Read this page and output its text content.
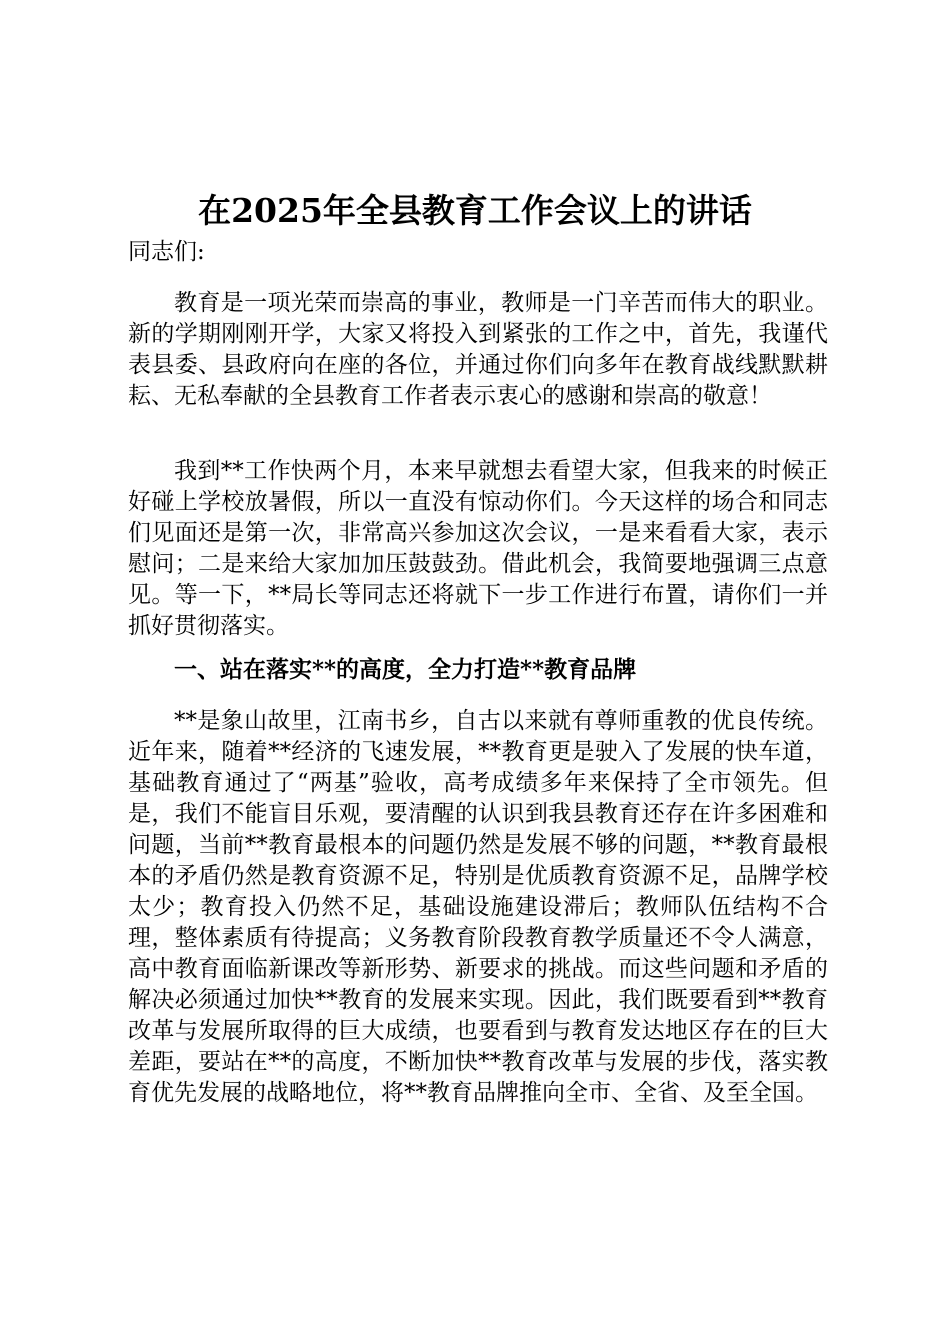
在2025年全县教育工作会议上的讲话
同志们:

教育是一项光荣而崇高的事业，教师是一门辛苦而伟大的职业。新的学期刚刚开学，大家又将投入到紧张的工作之中，首先，我谨代表县委、县政府向在座的各位，并通过你们向多年在教育战线默默耕耘、无私奉献的全县教育工作者表示衷心的感谢和崇高的敬意！

我到**工作快两个月，本来早就想去看望大家，但我来的时候正好碰上学校放暑假，所以一直没有惊动你们。今天这样的场合和同志们见面还是第一次，非常高兴参加这次会议，一是来看看大家，表示慰问；二是来给大家加加压鼓鼓劲。借此机会，我简要地强调三点意见。等一下，**局长等同志还将就下一步工作进行布置，请你们一并抓好贯彻落实。

一、站在落实**的高度，全力打造**教育品牌

**是象山故里，江南书乡，自古以来就有尊师重教的优良传统。近年来，随着**经济的飞速发展，**教育更是驶入了发展的快车道，基础教育通过了“两基”验收，高考成绩多年来保持了全市领先。但是，我们不能盲目乐观，要清醒的认识到我县教育还存在许多困难和问题，当前**教育最根本的问题仍然是发展不够的问题，**教育最根本的矛盾仍然是教育资源不足，特别是优质教育资源不足，品牌学校太少；教育投入仍然不足，基础设施建设滞后；教师队伍结构不合理，整体素质有待提高；义务教育阶段教育教学质量还不令人满意，高中教育面临新课改等新形势、新要求的挑战。而这些问题和矛盾的解决必须通过加快**教育的发展来实现。因此，我们既要看到**教育改革与发展所取得的巨大成绩，也要看到与教育发达地区存在的巨大差距，要站在**的高度，不断加快**教育改革与发展的步伐，落实教育优先发展的战略地位，将**教育品牌推向全市、全省、及至全国。
